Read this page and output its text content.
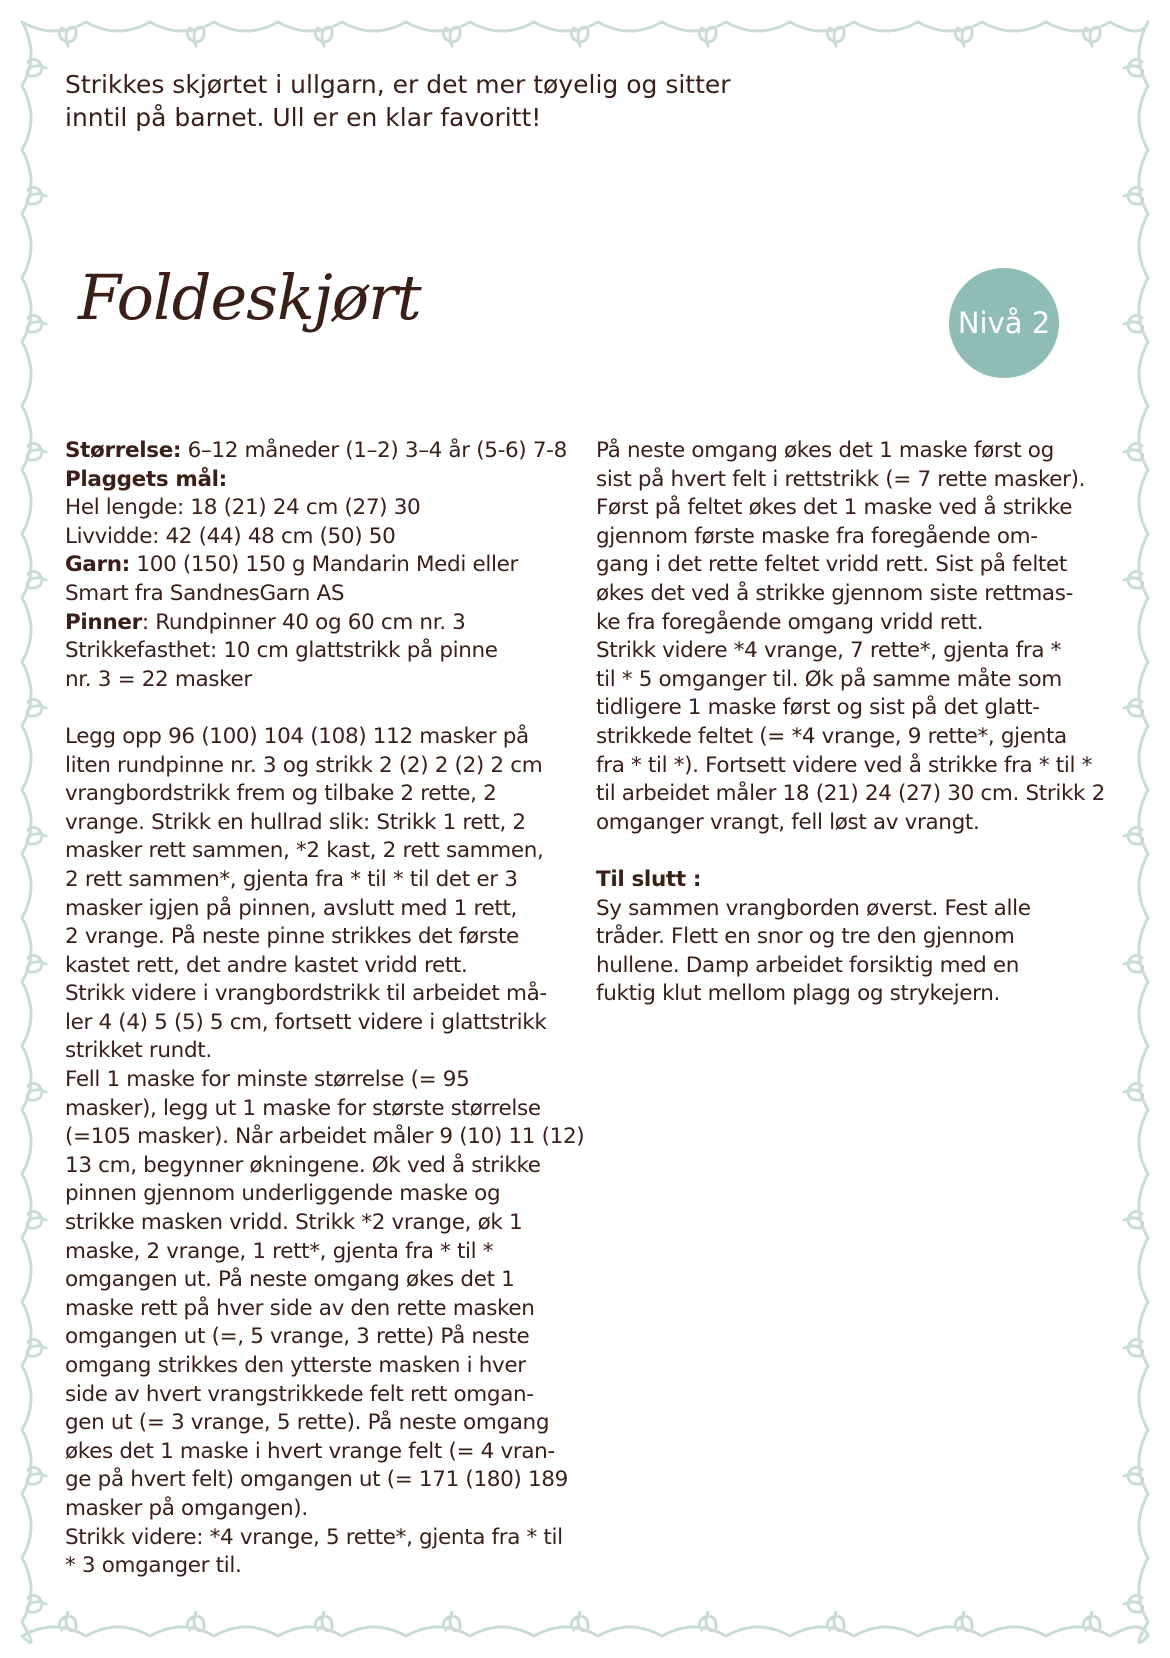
Strikkes skjørtet i ullgarn, er det mer tøyelig og sitter
inntil på barnet. Ull er en klar favoritt!

Foldeskjørt	Nivå 2
Størrelse: 6–12 måneder (1–2) 3–4 år (5-6) 7-8
Plaggets mål:
Hel lengde: 18 (21) 24 cm (27) 30
Livvidde: 42 (44) 48 cm (50) 50
Garn: 100 (150) 150 g Mandarin Medi eller
Smart fra SandnesGarn AS
Pinner: Rundpinner 40 og 60 cm nr. 3
Strikkefasthet: 10 cm glattstrikk på pinne
nr. 3 = 22 masker
Legg opp 96 (100) 104 (108) 112 masker på
liten rundpinne nr. 3 og strikk 2 (2) 2 (2) 2 cm
vrangbordstrikk frem og tilbake 2 rette, 2
vrange. Strikk en hullrad slik: Strikk 1 rett, 2
masker rett sammen, *2 kast, 2 rett sammen,
2 rett sammen*, gjenta fra * til * til det er 3
masker igjen på pinnen, avslutt med 1 rett,
2 vrange. På neste pinne strikkes det første
kastet rett, det andre kastet vridd rett.
Strikk videre i vrangbordstrikk til arbeidet må-
ler 4 (4) 5 (5) 5 cm, fortsett videre i glattstrikk
strikket rundt.
Fell 1 maske for minste størrelse (= 95
masker), legg ut 1 maske for største størrelse
(=105 masker). Når arbeidet måler 9 (10) 11 (12)
13 cm, begynner økningene. Øk ved å strikke
pinnen gjennom underliggende maske og
strikke masken vridd. Strikk *2 vrange, øk 1
maske, 2 vrange, 1 rett*, gjenta fra * til *
omgangen ut. På neste omgang økes det 1
maske rett på hver side av den rette masken
omgangen ut (=, 5 vrange, 3 rette) På neste
omgang strikkes den ytterste masken i hver
side av hvert vrangstrikkede felt rett omgan-
gen ut (= 3 vrange, 5 rette). På neste omgang
økes det 1 maske i hvert vrange felt (= 4 vran-
ge på hvert felt) omgangen ut (= 171 (180) 189
masker på omgangen).
Strikk videre: *4 vrange, 5 rette*, gjenta fra * til
* 3 omganger til.
På neste omgang økes det 1 maske først og
sist på hvert felt i rettstrikk (= 7 rette masker).
Først på feltet økes det 1 maske ved å strikke
gjennom første maske fra foregående om-
gang i det rette feltet vridd rett. Sist på feltet
økes det ved å strikke gjennom siste rettmas-
ke fra foregående omgang vridd rett.
Strikk videre *4 vrange, 7 rette*, gjenta fra *
til * 5 omganger til. Øk på samme måte som
tidligere 1 maske først og sist på det glatt-
strikkede feltet (= *4 vrange, 9 rette*, gjenta
fra * til *). Fortsett videre ved å strikke fra * til *
til arbeidet måler 18 (21) 24 (27) 30 cm. Strikk 2
omganger vrangt, fell løst av vrangt.
Til slutt :
Sy sammen vrangborden øverst. Fest alle
tråder. Flett en snor og tre den gjennom
hullene. Damp arbeidet forsiktig med en
fuktig klut mellom plagg og strykejern.
